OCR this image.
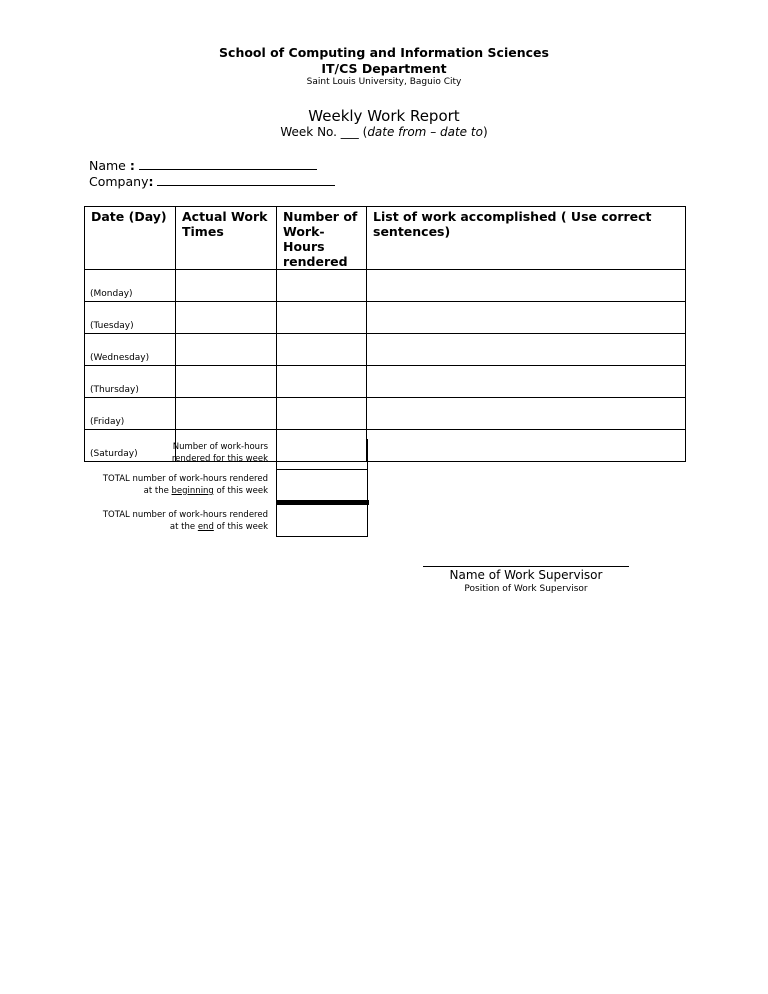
School of Computing and Information Sciences
IT/CS Department
Saint Louis University, Baguio City
Weekly Work Report
Week No. ___ (date from – date to)
Name :
Company:
Date (Day)	Actual Work Times	Number of Work-Hours rendered	List of work accomplished ( Use correct sentences)
(Monday)			
(Tuesday)			
(Wednesday)			
(Thursday)			
(Friday)			
(Saturday)			
Number of work-hours
rendered for this week
TOTAL number of work-hours rendered
at the beginning of this week
TOTAL number of work-hours rendered
at the end of this week
Name of Work Supervisor
Position of Work Supervisor
